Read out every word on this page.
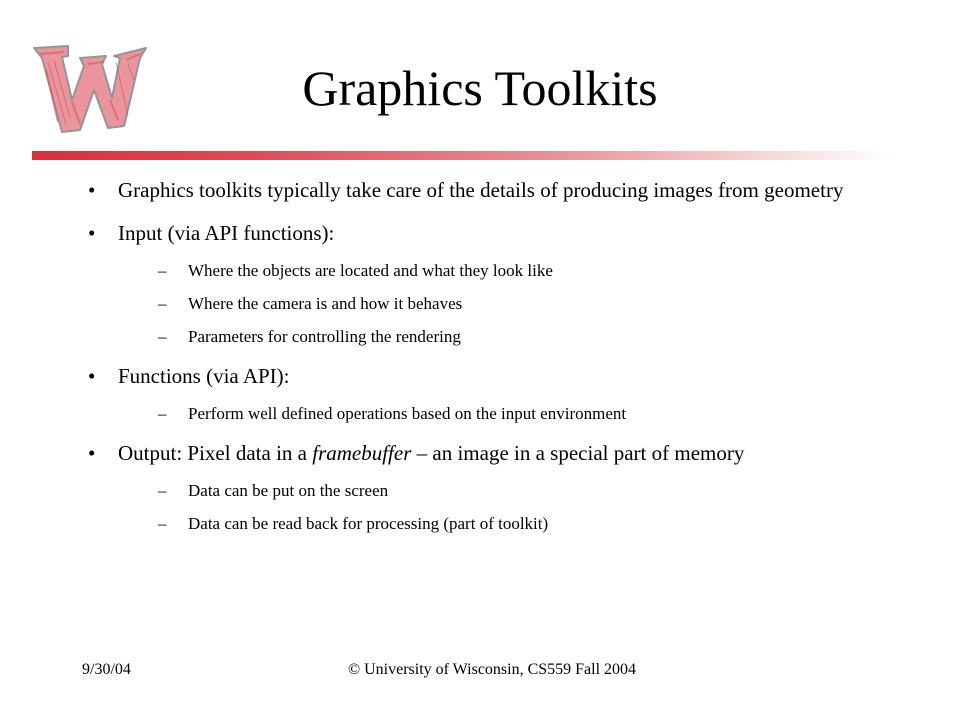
Graphics Toolkits
• Graphics toolkits typically take care of the details of producing images from geometry
• Input (via API functions):
– Where the objects are located and what they look like
– Where the camera is and how it behaves
– Parameters for controlling the rendering
• Functions (via API):
– Perform well defined operations based on the input environment
• Output: Pixel data in a framebuffer – an image in a special part of memory
– Data can be put on the screen
– Data can be read back for processing (part of toolkit)
9/30/04	© University of Wisconsin, CS559 Fall 2004
